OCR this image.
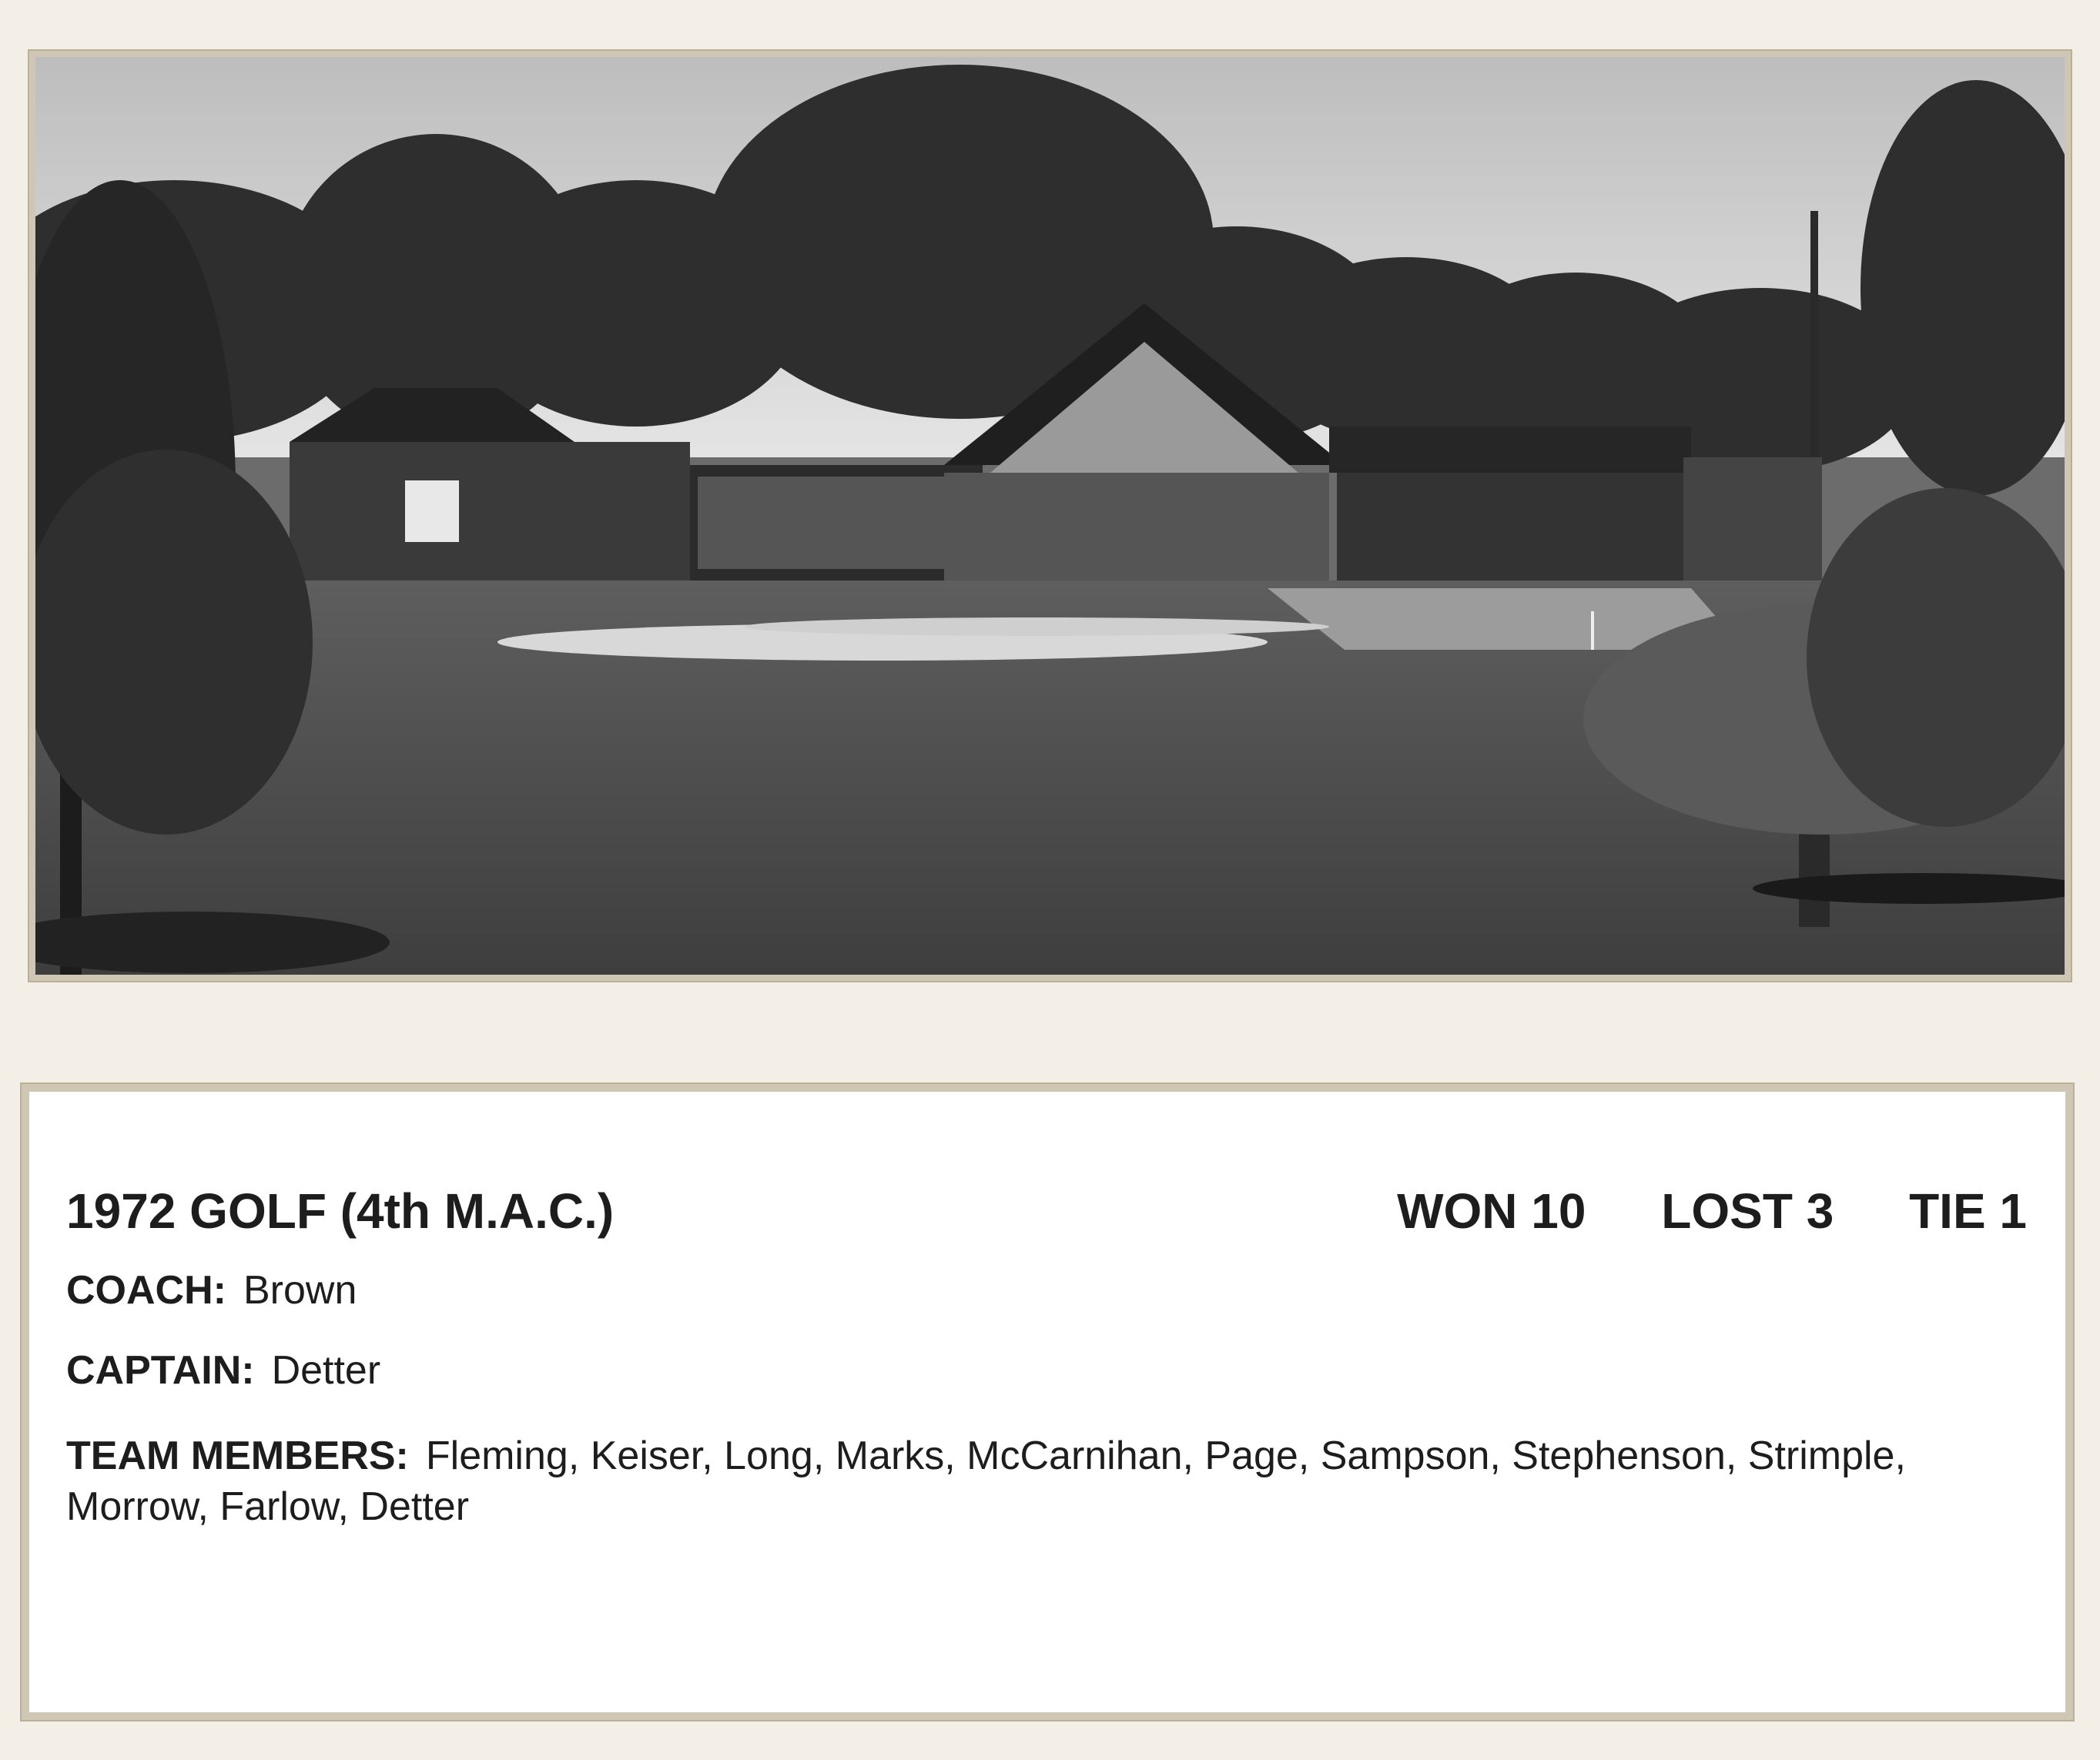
1972 GOLF (4th M.A.C.)	WON 10 LOST 3 TIE 1
COACH: Brown
CAPTAIN: Detter
TEAM MEMBERS: Fleming, Keiser, Long, Marks, McCarnihan, Page, Sampson, Stephenson, Strimple, Morrow, Farlow, Detter
